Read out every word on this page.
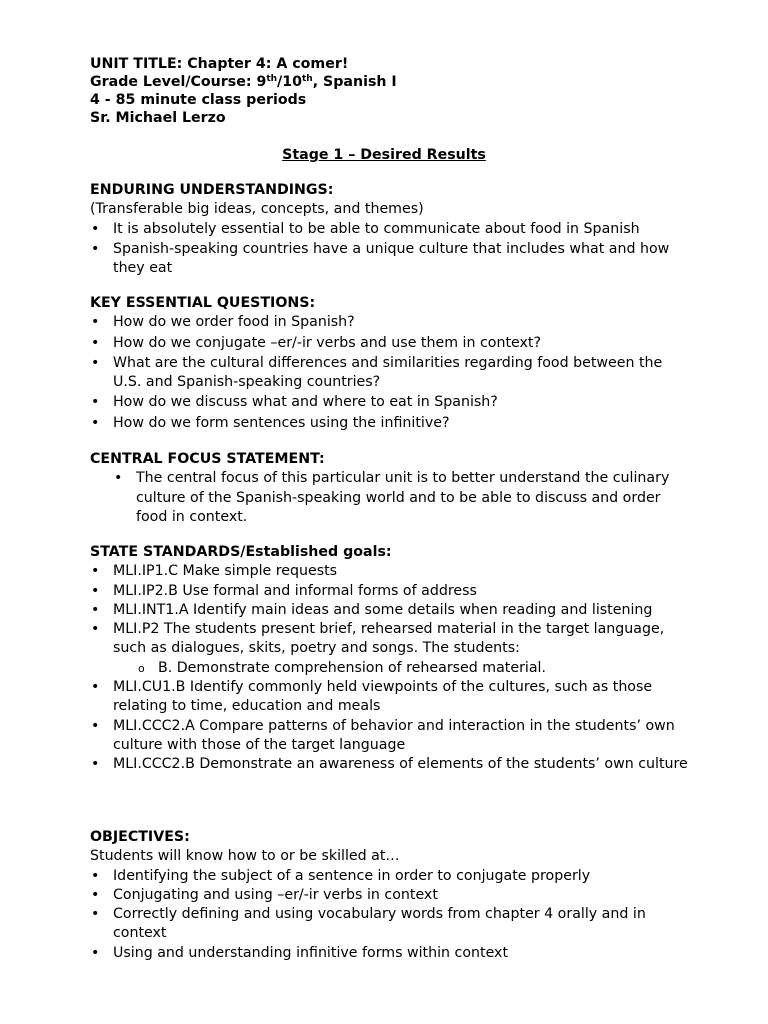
UNIT TITLE: Chapter 4: A comer!
Grade Level/Course: 9th/10th, Spanish I
4 - 85 minute class periods
Sr. Michael Lerzo
Stage 1 – Desired Results
ENDURING UNDERSTANDINGS:
(Transferable big ideas, concepts, and themes)
• It is absolutely essential to be able to communicate about food in Spanish
• Spanish-speaking countries have a unique culture that includes what and how they eat
KEY ESSENTIAL QUESTIONS:
• How do we order food in Spanish?
• How do we conjugate –er/-ir verbs and use them in context?
• What are the cultural differences and similarities regarding food between the U.S. and Spanish-speaking countries?
• How do we discuss what and where to eat in Spanish?
• How do we form sentences using the infinitive?
CENTRAL FOCUS STATEMENT:
• The central focus of this particular unit is to better understand the culinary culture of the Spanish-speaking world and to be able to discuss and order food in context.
STATE STANDARDS/Established goals:
• MLI.IP1.C Make simple requests
• MLI.IP2.B Use formal and informal forms of address
• MLI.INT1.A Identify main ideas and some details when reading and listening
• MLI.P2 The students present brief, rehearsed material in the target language, such as dialogues, skits, poetry and songs. The students:
o B. Demonstrate comprehension of rehearsed material.
• MLI.CU1.B Identify commonly held viewpoints of the cultures, such as those relating to time, education and meals
• MLI.CCC2.A Compare patterns of behavior and interaction in the students’ own culture with those of the target language
• MLI.CCC2.B Demonstrate an awareness of elements of the students’ own culture
OBJECTIVES:
Students will know how to or be skilled at…
• Identifying the subject of a sentence in order to conjugate properly
• Conjugating and using –er/-ir verbs in context
• Correctly defining and using vocabulary words from chapter 4 orally and in context
• Using and understanding infinitive forms within context
